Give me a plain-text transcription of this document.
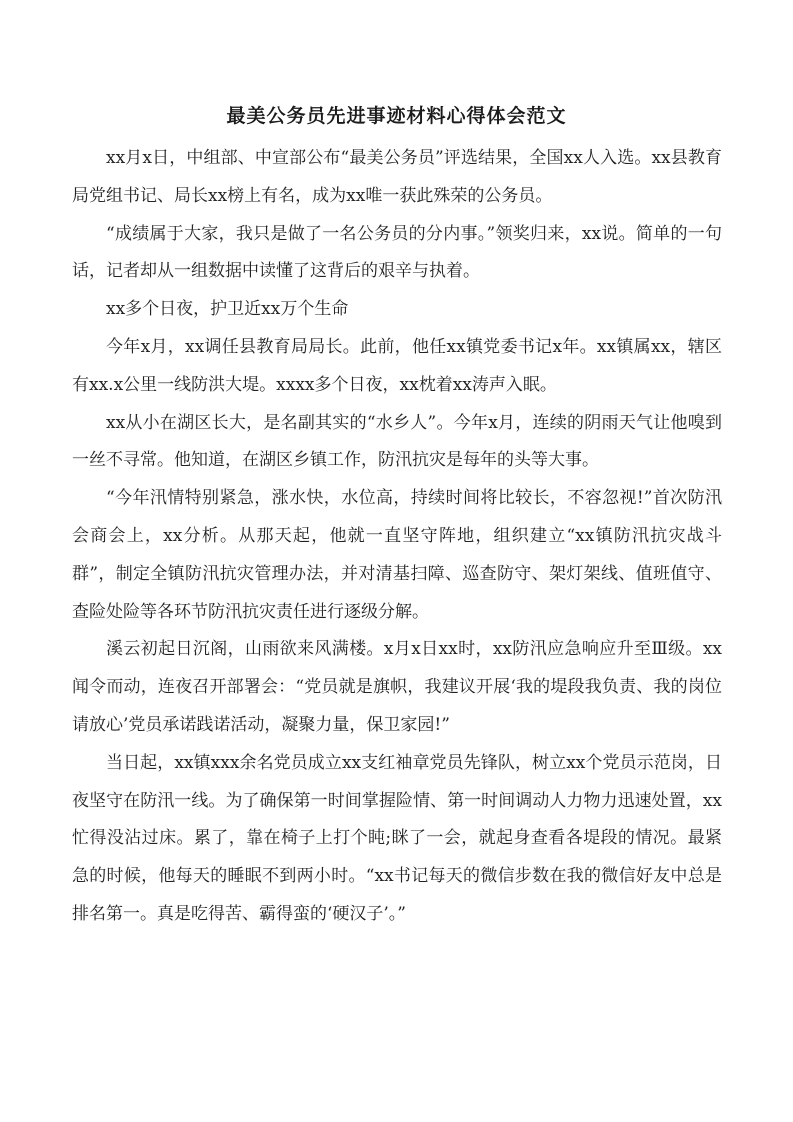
最美公务员先进事迹材料心得体会范文

xx月x日，中组部、中宣部公布“最美公务员”评选结果，全国xx人入选。xx县教育局党组书记、局长xx榜上有名，成为xx唯一获此殊荣的公务员。

“成绩属于大家，我只是做了一名公务员的分内事。”领奖归来，xx说。简单的一句话，记者却从一组数据中读懂了这背后的艰辛与执着。

xx多个日夜，护卫近xx万个生命

今年x月，xx调任县教育局局长。此前，他任xx镇党委书记x年。xx镇属xx，辖区有xx.x公里一线防洪大堤。xxxx多个日夜，xx枕着xx涛声入眠。

xx从小在湖区长大，是名副其实的“水乡人”。今年x月，连续的阴雨天气让他嗅到一丝不寻常。他知道，在湖区乡镇工作，防汛抗灾是每年的头等大事。

“今年汛情特别紧急，涨水快，水位高，持续时间将比较长，不容忽视!”首次防汛会商会上，xx分析。从那天起，他就一直坚守阵地，组织建立“xx镇防汛抗灾战斗群”，制定全镇防汛抗灾管理办法，并对清基扫障、巡查防守、架灯架线、值班值守、查险处险等各环节防汛抗灾责任进行逐级分解。

溪云初起日沉阁，山雨欲来风满楼。x月x日xx时，xx防汛应急响应升至Ⅲ级。xx闻令而动，连夜召开部署会：“党员就是旗帜，我建议开展‘我的堤段我负责、我的岗位请放心’党员承诺践诺活动，凝聚力量，保卫家园!”

当日起，xx镇xxx余名党员成立xx支红袖章党员先锋队，树立xx个党员示范岗，日夜坚守在防汛一线。为了确保第一时间掌握险情、第一时间调动人力物力迅速处置，xx忙得没沾过床。累了，靠在椅子上打个盹;眯了一会，就起身查看各堤段的情况。最紧急的时候，他每天的睡眠不到两小时。“xx书记每天的微信步数在我的微信好友中总是排名第一。真是吃得苦、霸得蛮的‘硬汉子’。”
